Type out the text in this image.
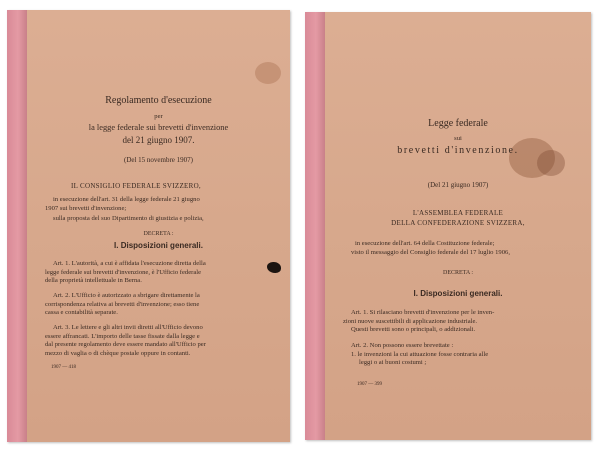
Regolamento d'esecuzione
per
la legge federale sui brevetti d'invenzione
del 21 giugno 1907.
(Del 15 novembre 1907)
IL CONSIGLIO FEDERALE SVIZZERO,
in esecuzione dell'art. 31 della legge federale 21 giugno
1907 sui brevetti d'invenzione;
sulla proposta del suo Dipartimento di giustizia e polizia,
DECRETA :
I. Disposizioni generali.
Art. 1. L'autorità, a cui è affidata l'esecuzione diretta della
legge federale sui brevetti d'invenzione, è l'Ufficio federale
della proprietà intellettuale in Berna.
Art. 2. L'Ufficio è autorizzato a sbrigare direttamente la
corrispondenza relativa ai brevetti d'invenzione; esso tiene
cassa e contabilità separate.
Art. 3. Le lettere e gli altri invii diretti all'Ufficio devono
essere affrancati. L'importo delle tasse fissate dalla legge e
dal presente regolamento deve essere mandato all'Ufficio per
mezzo di vaglia o di chèque postale oppure in contanti.
1907 — 418
Legge federale
sui
brevetti d'invenzione.
(Del 21 giugno 1907)
L'ASSEMBLEA FEDERALE
DELLA CONFEDERAZIONE SVIZZERA,
in esecuzione dell'art. 64 della Costituzione federale;
visto il messaggio del Consiglio federale del 17 luglio 1906,
DECRETA :
I. Disposizioni generali.
Art. 1. Si rilasciano brevetti d'invenzione per le inven-
zioni nuove suscettibili di applicazione industriale.
Questi brevetti sono o principali, o addizionali.
Art. 2. Non possono essere brevettate :
1. le invenzioni la cui attuazione fosse contraria alle
leggi o ai buoni costumi ;
1907 — 399
